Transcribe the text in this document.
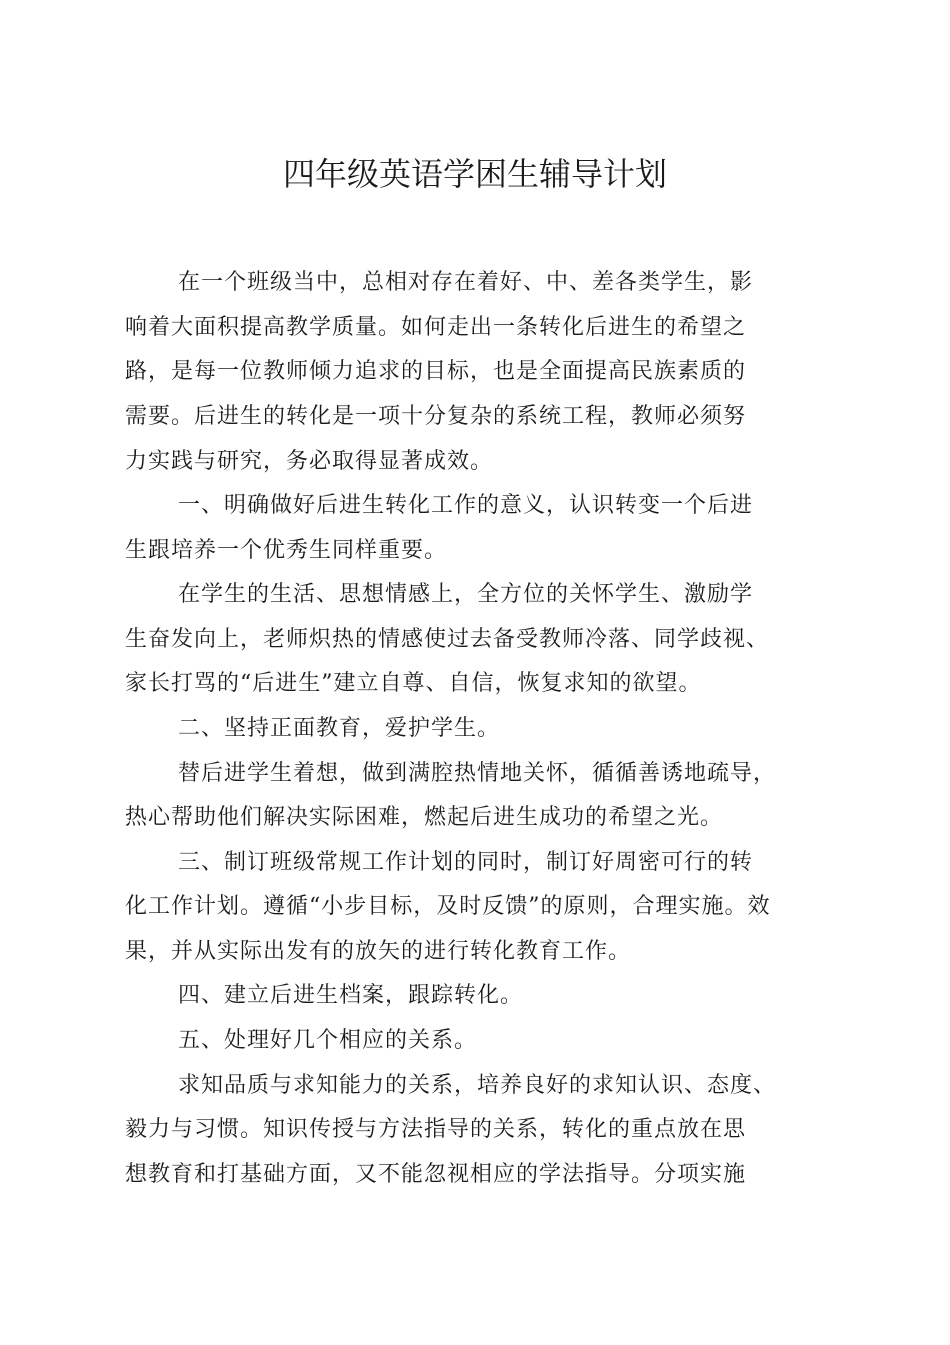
四年级英语学困生辅导计划
在一个班级当中，总相对存在着好、中、差各类学生，影
响着大面积提高教学质量。如何走出一条转化后进生的希望之
路，是每一位教师倾力追求的目标，也是全面提高民族素质的
需要。后进生的转化是一项十分复杂的系统工程，教师必须努
力实践与研究，务必取得显著成效。
一、明确做好后进生转化工作的意义，认识转变一个后进
生跟培养一个优秀生同样重要。
在学生的生活、思想情感上，全方位的关怀学生、激励学
生奋发向上，老师炽热的情感使过去备受教师冷落、同学歧视、
家长打骂的“后进生”建立自尊、自信，恢复求知的欲望。
二、坚持正面教育，爱护学生。
替后进学生着想，做到满腔热情地关怀，循循善诱地疏导，
热心帮助他们解决实际困难，燃起后进生成功的希望之光。
三、制订班级常规工作计划的同时，制订好周密可行的转
化工作计划。遵循“小步目标，及时反馈”的原则，合理实施。效
果，并从实际出发有的放矢的进行转化教育工作。
四、建立后进生档案，跟踪转化。
五、处理好几个相应的关系。
求知品质与求知能力的关系，培养良好的求知认识、态度、
毅力与习惯。知识传授与方法指导的关系，转化的重点放在思
想教育和打基础方面，又不能忽视相应的学法指导。分项实施
